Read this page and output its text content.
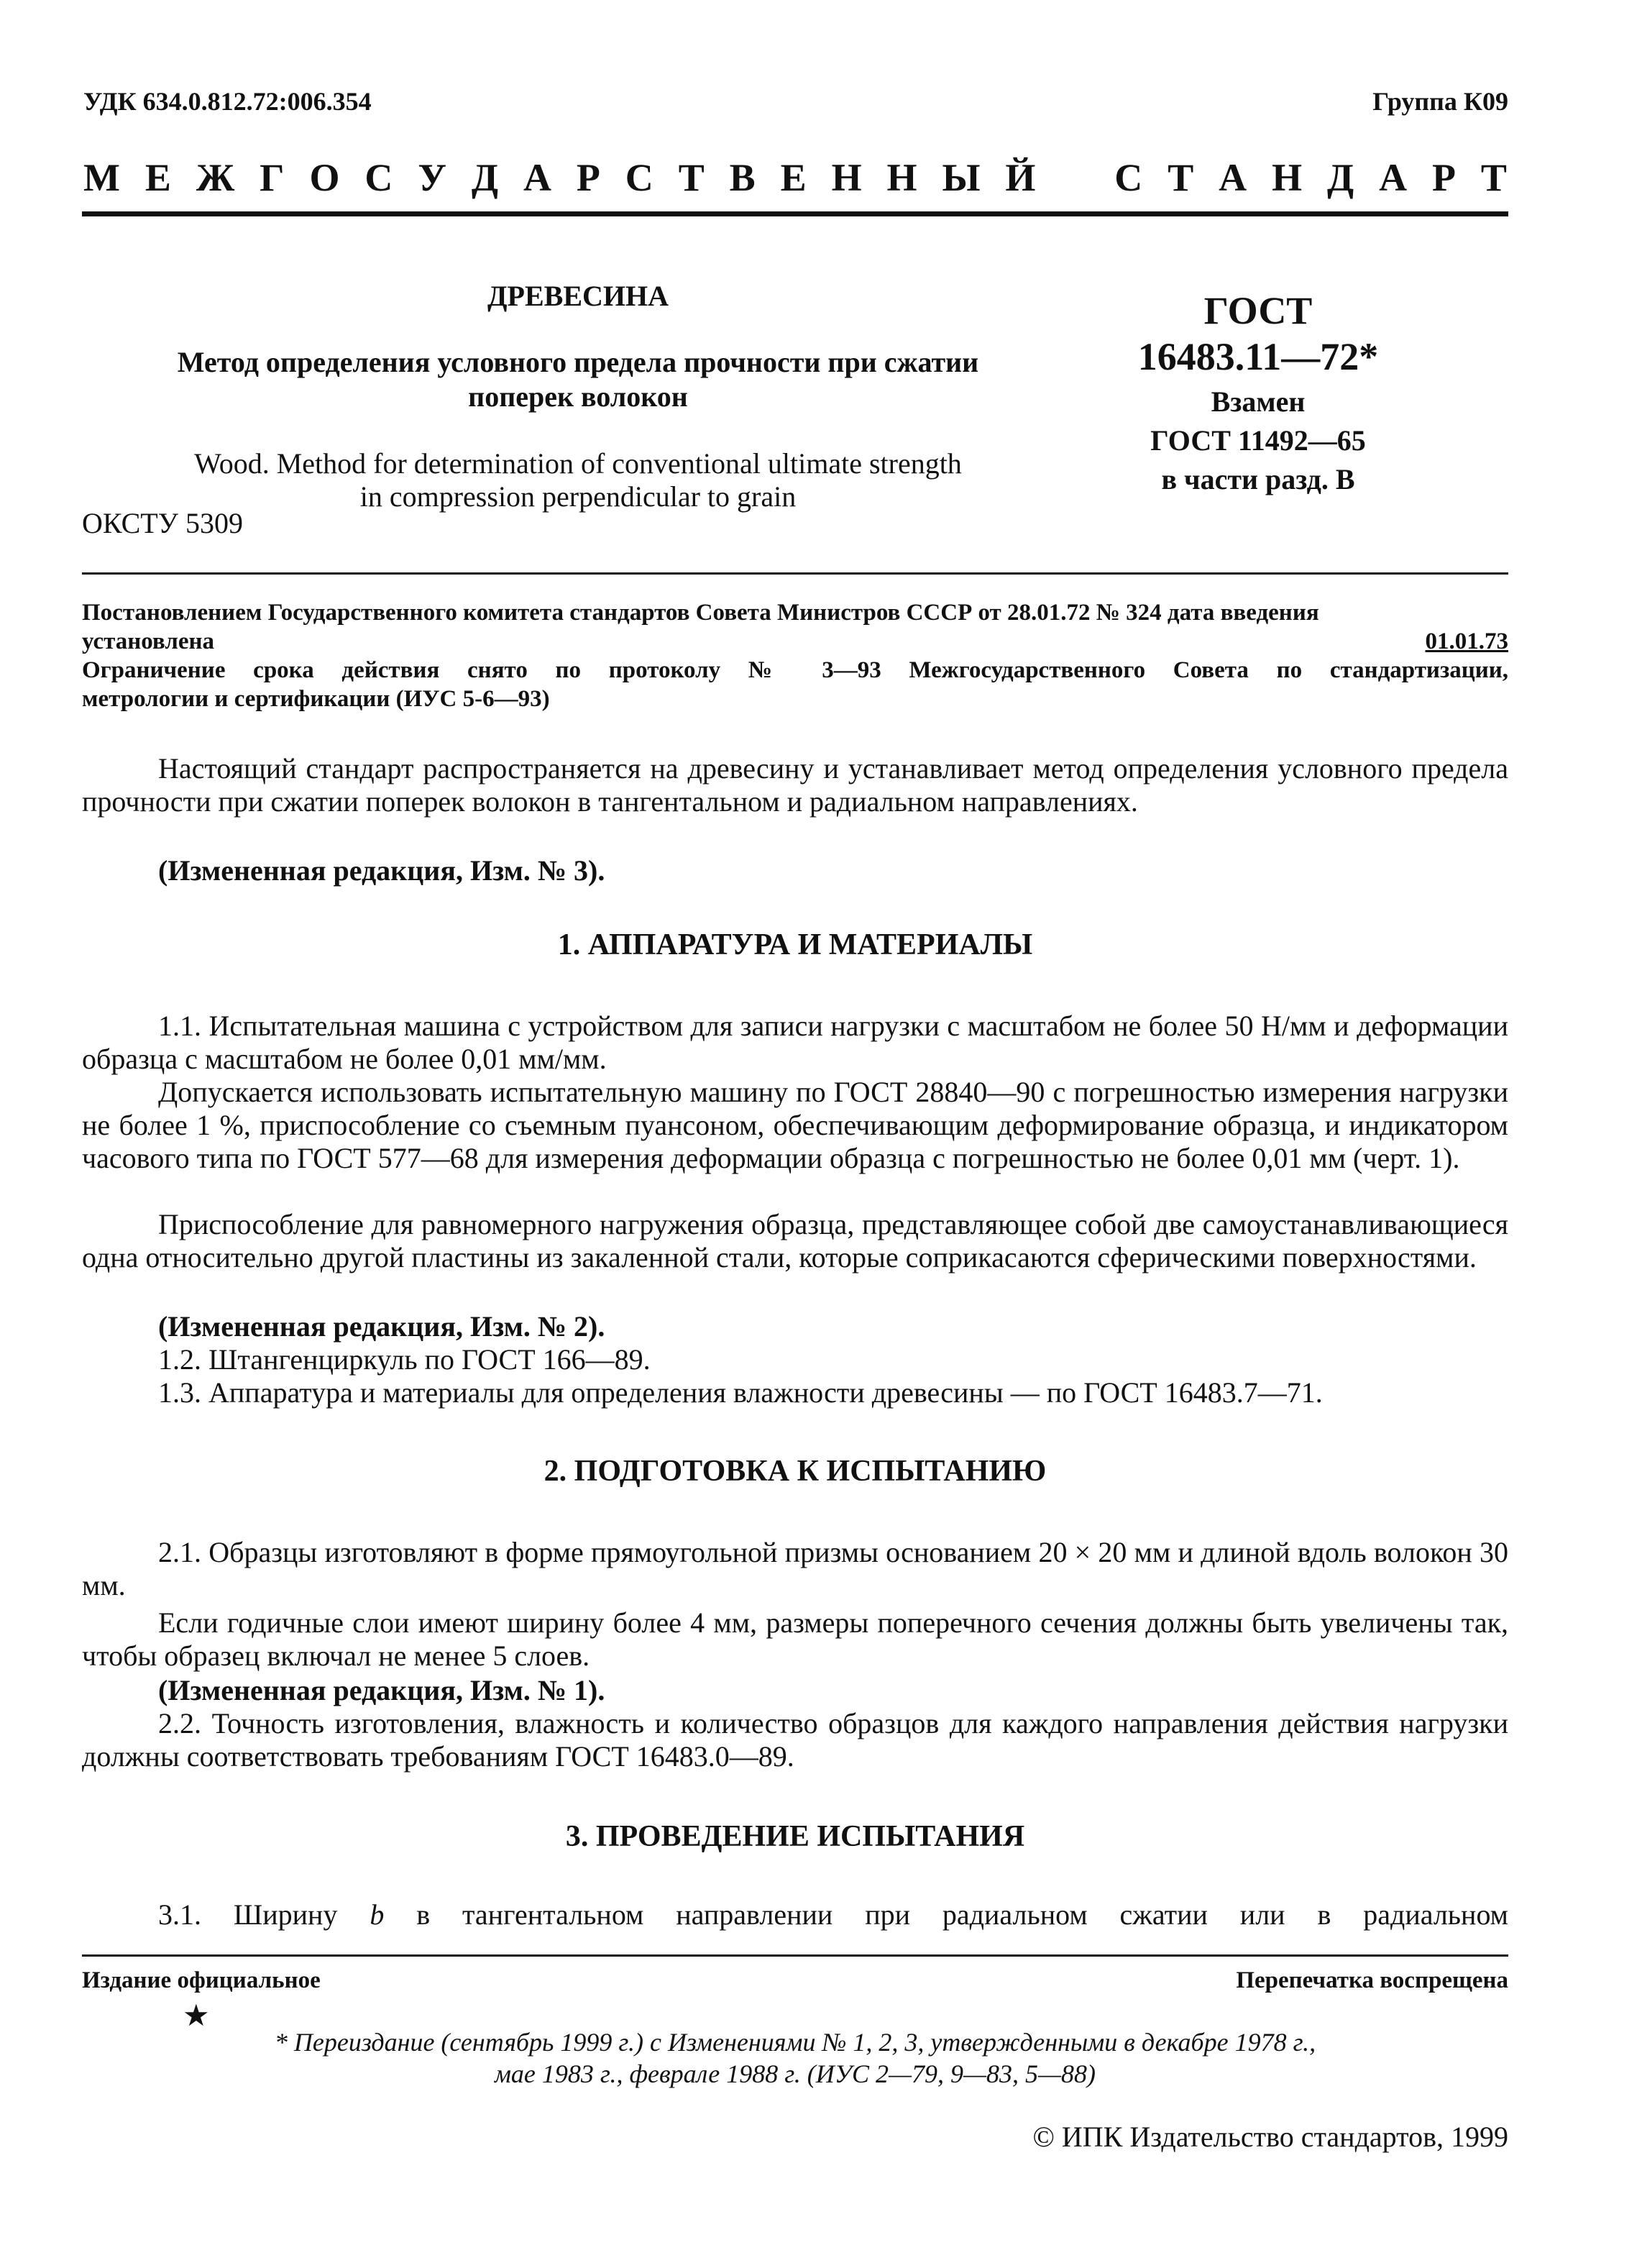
УДК 634.0.812.72:006.354	Группа К09
М Е Ж Г О С У Д А Р С Т В Е Н Н Ы Й С Т А Н Д А Р Т
ДРЕВЕСИНА
Метод определения условного предела прочности при сжатии
поперек волокон
Wood. Method for determination of conventional ultimate strength
in compression perpendicular to grain
ОКСТУ 5309
ГОСТ
16483.11—72*
Взамен
ГОСТ 11492—65
в части разд. В
Постановлением Государственного комитета стандартов Совета Министров СССР от 28.01.72 № 324 дата введения
установлена	01.01.73
Ограничение срока действия снято по протоколу № 3—93 Межгосударственного Совета по стандартизации,
метрологии и сертификации (ИУС 5-6—93)
Настоящий стандарт распространяется на древесину и устанавливает метод определения условного предела прочности при сжатии поперек волокон в тангентальном и радиальном направлениях.
(Измененная редакция, Изм. № 3).
1. АППАРАТУРА И МАТЕРИАЛЫ
1.1. Испытательная машина с устройством для записи нагрузки с масштабом не более 50 Н/мм и деформации образца с масштабом не более 0,01 мм/мм.
Допускается использовать испытательную машину по ГОСТ 28840—90 с погрешностью измерения нагрузки не более 1 %, приспособление со съемным пуансоном, обеспечивающим деформирование образца, и индикатором часового типа по ГОСТ 577—68 для измерения деформации образца с погрешностью не более 0,01 мм (черт. 1).
Приспособление для равномерного нагружения образца, представляющее собой две самоустанавливающиеся одна относительно другой пластины из закаленной стали, которые соприкасаются сферическими поверхностями.
(Измененная редакция, Изм. № 2).
1.2. Штангенциркуль по ГОСТ 166—89.
1.3. Аппаратура и материалы для определения влажности древесины — по ГОСТ 16483.7—71.
2. ПОДГОТОВКА К ИСПЫТАНИЮ
2.1. Образцы изготовляют в форме прямоугольной призмы основанием 20 × 20 мм и длиной вдоль волокон 30 мм.
Если годичные слои имеют ширину более 4 мм, размеры поперечного сечения должны быть увеличены так, чтобы образец включал не менее 5 слоев.
(Измененная редакция, Изм. № 1).
2.2. Точность изготовления, влажность и количество образцов для каждого направления действия нагрузки должны соответствовать требованиям ГОСТ 16483.0—89.
3. ПРОВЕДЕНИЕ ИСПЫТАНИЯ
3.1. Ширину b в тангентальном направлении при радиальном сжатии или в радиальном
Издание официальное	Перепечатка воспрещена
★
* Переиздание (сентябрь 1999 г.) с Изменениями № 1, 2, 3, утвержденными в декабре 1978 г.,
мае 1983 г., феврале 1988 г. (ИУС 2—79, 9—83, 5—88)
© ИПК Издательство стандартов, 1999
